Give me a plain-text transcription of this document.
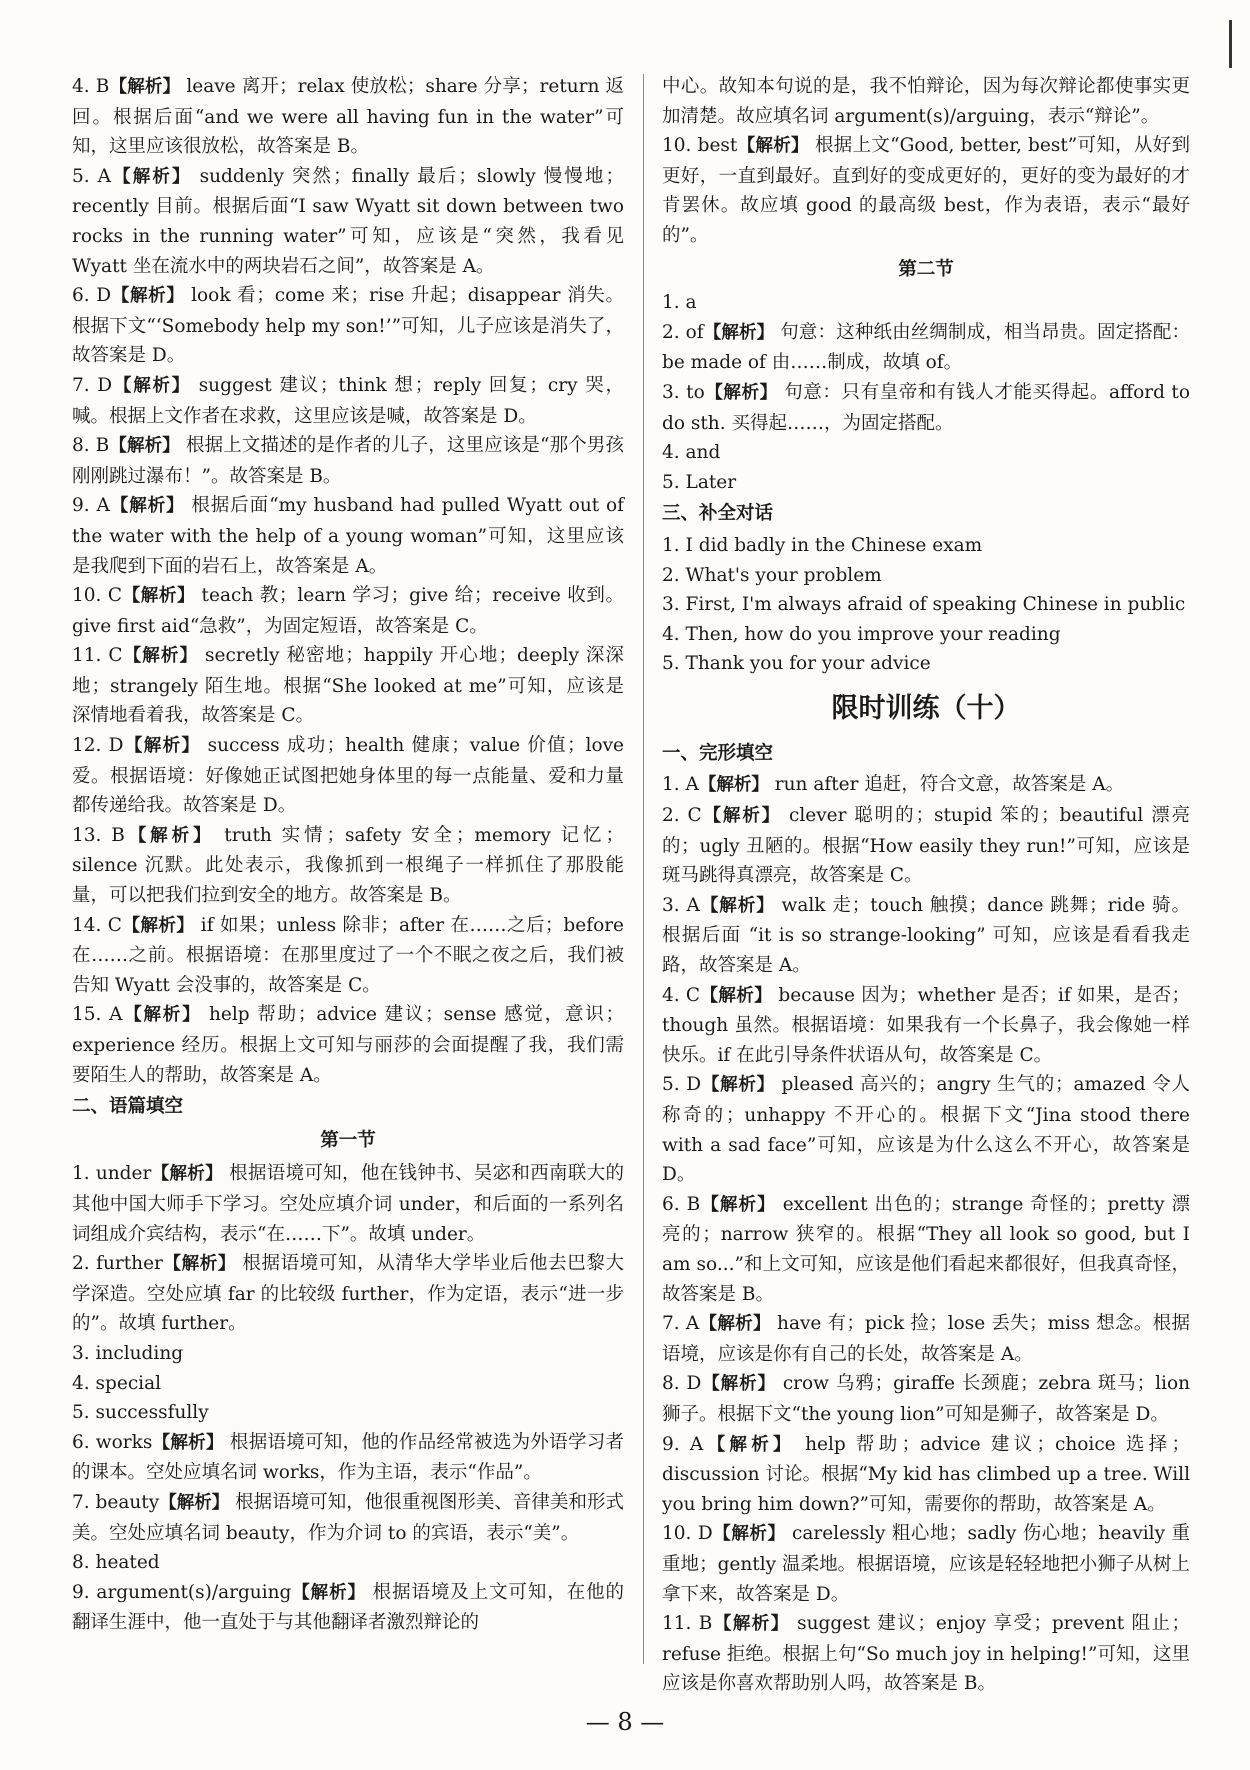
4. B【解析】 leave 离开；relax 使放松；share 分享；return 返回。根据后面“and we were all having fun in the water”可知，这里应该很放松，故答案是 B。

5. A【解析】 suddenly 突然；finally 最后；slowly 慢慢地；recently 目前。根据后面“I saw Wyatt sit down between two rocks in the running water”可知，应该是“突然，我看见 Wyatt 坐在流水中的两块岩石之间”，故答案是 A。

6. D【解析】 look 看；come 来；rise 升起；disappear 消失。根据下文“‘Somebody help my son!’”可知，儿子应该是消失了，故答案是 D。

7. D【解析】 suggest 建议；think 想；reply 回复；cry 哭，喊。根据上文作者在求救，这里应该是喊，故答案是 D。

8. B【解析】 根据上文描述的是作者的儿子，这里应该是“那个男孩刚刚跳过瀑布！”。故答案是 B。

9. A【解析】 根据后面“my husband had pulled Wyatt out of the water with the help of a young woman”可知，这里应该是我爬到下面的岩石上，故答案是 A。

10. C【解析】 teach 教；learn 学习；give 给；receive 收到。give first aid“急救”，为固定短语，故答案是 C。

11. C【解析】 secretly 秘密地；happily 开心地；deeply 深深地；strangely 陌生地。根据“She looked at me”可知，应该是深情地看着我，故答案是 C。

12. D【解析】 success 成功；health 健康；value 价值；love 爱。根据语境：好像她正试图把她身体里的每一点能量、爱和力量都传递给我。故答案是 D。

13. B【解析】 truth 实情；safety 安全；memory 记忆；silence 沉默。此处表示，我像抓到一根绳子一样抓住了那股能量，可以把我们拉到安全的地方。故答案是 B。

14. C【解析】 if 如果；unless 除非；after 在……之后；before 在……之前。根据语境：在那里度过了一个不眠之夜之后，我们被告知 Wyatt 会没事的，故答案是 C。

15. A【解析】 help 帮助；advice 建议；sense 感觉，意识；experience 经历。根据上文可知与丽莎的会面提醒了我，我们需要陌生人的帮助，故答案是 A。

二、语篇填空
第一节

1. under【解析】 根据语境可知，他在钱钟书、吴宓和西南联大的其他中国大师手下学习。空处应填介词 under，和后面的一系列名词组成介宾结构，表示“在……下”。故填 under。

2. further【解析】 根据语境可知，从清华大学毕业后他去巴黎大学深造。空处应填 far 的比较级 further，作为定语，表示“进一步的”。故填 further。

3. including

4. special

5. successfully

6. works【解析】 根据语境可知，他的作品经常被选为外语学习者的课本。空处应填名词 works，作为主语，表示“作品”。

7. beauty【解析】 根据语境可知，他很重视图形美、音律美和形式美。空处应填名词 beauty，作为介词 to 的宾语，表示“美”。

8. heated

9. argument(s)/arguing【解析】 根据语境及上文可知，在他的翻译生涯中，他一直处于与其他翻译者激烈辩论的

中心。故知本句说的是，我不怕辩论，因为每次辩论都使事实更加清楚。故应填名词 argument(s)/arguing，表示“辩论”。

10. best【解析】 根据上文“Good, better, best”可知，从好到更好，一直到最好。直到好的变成更好的，更好的变为最好的才肯罢休。故应填 good 的最高级 best，作为表语，表示“最好的”。

第二节

1. a

2. of【解析】 句意：这种纸由丝绸制成，相当昂贵。固定搭配：be made of 由……制成，故填 of。

3. to【解析】 句意：只有皇帝和有钱人才能买得起。afford to do sth. 买得起……，为固定搭配。

4. and

5. Later

三、补全对话

1. I did badly in the Chinese exam

2. What's your problem

3. First, I'm always afraid of speaking Chinese in public

4. Then, how do you improve your reading

5. Thank you for your advice

限时训练（十）
一、完形填空

1. A【解析】 run after 追赶，符合文意，故答案是 A。

2. C【解析】 clever 聪明的；stupid 笨的；beautiful 漂亮的；ugly 丑陋的。根据“How easily they run!”可知，应该是斑马跳得真漂亮，故答案是 C。

3. A【解析】 walk 走；touch 触摸；dance 跳舞；ride 骑。根据后面 “it is so strange-looking” 可知，应该是看看我走路，故答案是 A。

4. C【解析】 because 因为；whether 是否；if 如果，是否；though 虽然。根据语境：如果我有一个长鼻子，我会像她一样快乐。if 在此引导条件状语从句，故答案是 C。

5. D【解析】 pleased 高兴的；angry 生气的；amazed 令人称奇的；unhappy 不开心的。根据下文“Jina stood there with a sad face”可知，应该是为什么这么不开心，故答案是 D。

6. B【解析】 excellent 出色的；strange 奇怪的；pretty 漂亮的；narrow 狭窄的。根据“They all look so good, but I am so...”和上文可知，应该是他们看起来都很好，但我真奇怪，故答案是 B。

7. A【解析】 have 有；pick 捡；lose 丢失；miss 想念。根据语境，应该是你有自己的长处，故答案是 A。

8. D【解析】 crow 乌鸦；giraffe 长颈鹿；zebra 斑马；lion 狮子。根据下文“the young lion”可知是狮子，故答案是 D。

9. A【解析】 help 帮助；advice 建议；choice 选择；discussion 讨论。根据“My kid has climbed up a tree. Will you bring him down?”可知，需要你的帮助，故答案是 A。

10. D【解析】 carelessly 粗心地；sadly 伤心地；heavily 重重地；gently 温柔地。根据语境，应该是轻轻地把小狮子从树上拿下来，故答案是 D。

11. B【解析】 suggest 建议；enjoy 享受；prevent 阻止；refuse 拒绝。根据上句“So much joy in helping!”可知，这里应该是你喜欢帮助别人吗，故答案是 B。

— 8 —
